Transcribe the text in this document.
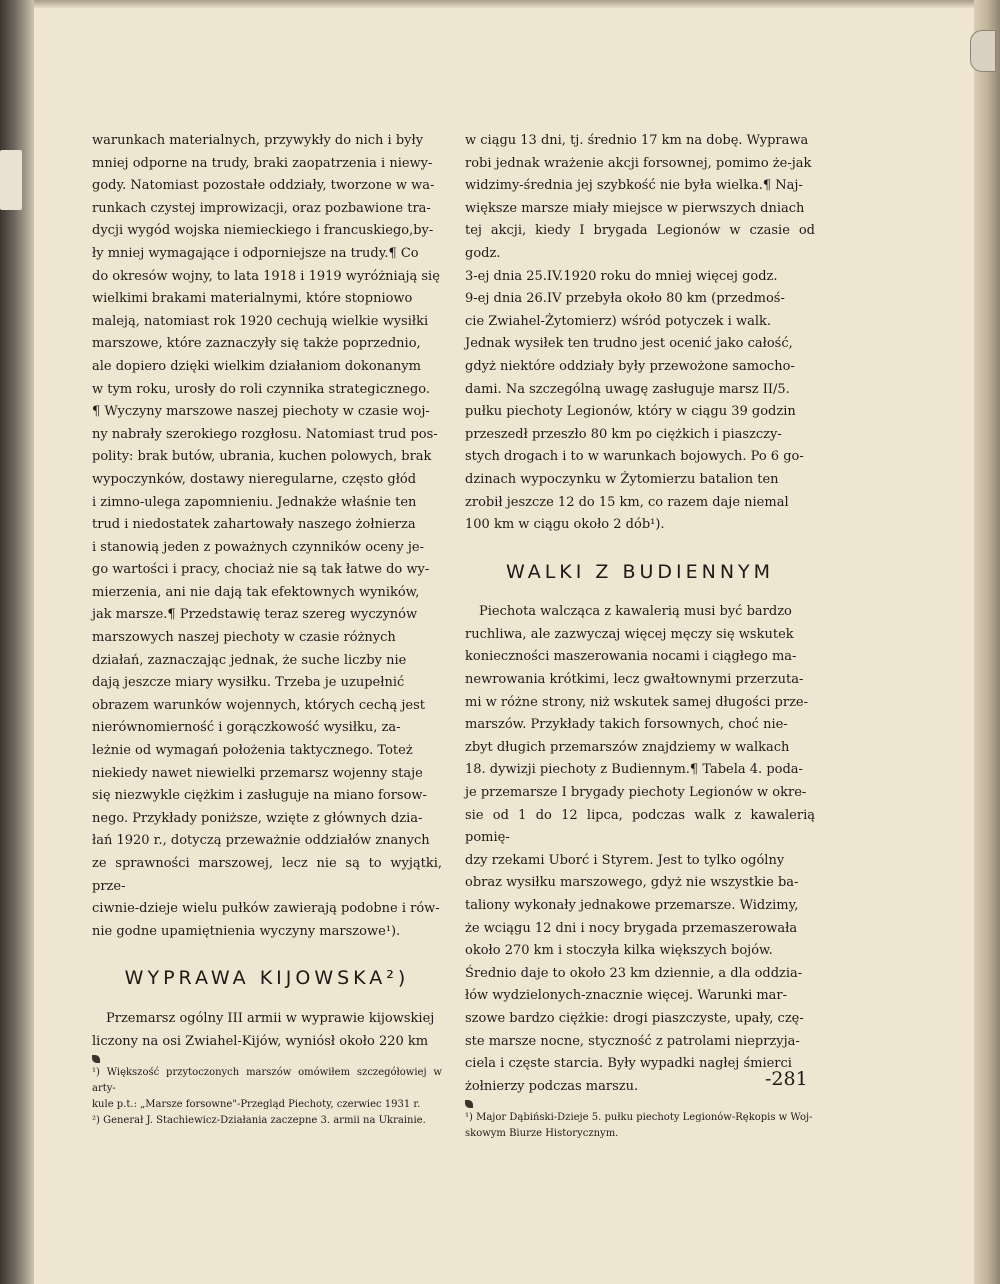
warunkach materialnych, przywykły do nich i były
mniej odporne na trudy, braki zaopatrzenia i niewy-
gody. Natomiast pozostałe oddziały, tworzone w wa-
runkach czystej improwizacji, oraz pozbawione tra-
dycji wygód wojska niemieckiego i francuskiego,by-
ły mniej wymagające i odporniejsze na trudy.¶ Co
do okresów wojny, to lata 1918 i 1919 wyróżniają się
wielkimi brakami materialnymi, które stopniowo
maleją, natomiast rok 1920 cechują wielkie wysiłki
marszowe, które zaznaczyły się także poprzednio,
ale dopiero dzięki wielkim działaniom dokonanym
w tym roku, urosły do roli czynnika strategicznego.
¶ Wyczyny marszowe naszej piechoty w czasie woj-
ny nabrały szerokiego rozgłosu. Natomiast trud pos-
polity: brak butów, ubrania, kuchen polowych, brak
wypoczynków, dostawy nieregularne, często głód
i zimno-ulega zapomnieniu. Jednakże właśnie ten
trud i niedostatek zahartowały naszego żołnierza
i stanowią jeden z poważnych czynników oceny je-
go wartości i pracy, chociaż nie są tak łatwe do wy-
mierzenia, ani nie dają tak efektownych wyników,
jak marsze.¶ Przedstawię teraz szereg wyczynów
marszowych naszej piechoty w czasie różnych
działań, zaznaczając jednak, że suche liczby nie
dają jeszcze miary wysiłku. Trzeba je uzupełnić
obrazem warunków wojennych, których cechą jest
nierównomierność i gorączkowość wysiłku, za-
leżnie od wymagań położenia taktycznego. Toteż
niekiedy nawet niewielki przemarsz wojenny staje
się niezwykle ciężkim i zasługuje na miano forsow-
nego. Przykłady poniższe, wzięte z głównych dzia-
łań 1920 r., dotyczą przeważnie oddziałów znanych
ze sprawności marszowej, lecz nie są to wyjątki, prze-
ciwnie-dzieje wielu pułków zawierają podobne i rów-
nie godne upamiętnienia wyczyny marszowe¹).

WYPRAWA KIJOWSKA²)

Przemarsz ogólny III armii w wyprawie kijowskiej
liczony na osi Zwiahel-Kijów, wyniósł około 220 km

¹) Większość przytoczonych marszów omówiłem szczegółowiej w arty-
kule p.t.: „Marsze forsowne"-Przegląd Piechoty, czerwiec 1931 r.

²) Generał J. Stachiewicz-Działania zaczepne 3. armii na Ukrainie.

w ciągu 13 dni, tj. średnio 17 km na dobę. Wyprawa
robi jednak wrażenie akcji forsownej, pomimo że-jak
widzimy-średnia jej szybkość nie była wielka.¶ Naj-
większe marsze miały miejsce w pierwszych dniach
tej akcji, kiedy I brygada Legionów w czasie od godz.
3-ej dnia 25.IV.1920 roku do mniej więcej godz.
9-ej dnia 26.IV przebyła około 80 km (przedmoś-
cie Zwiahel-Żytomierz) wśród potyczek i walk.
Jednak wysiłek ten trudno jest ocenić jako całość,
gdyż niektóre oddziały były przewożone samocho-
dami. Na szczególną uwagę zasługuje marsz II/5.
pułku piechoty Legionów, który w ciągu 39 godzin
przeszedł przeszło 80 km po ciężkich i piaszczy-
stych drogach i to w warunkach bojowych. Po 6 go-
dzinach wypoczynku w Żytomierzu batalion ten
zrobił jeszcze 12 do 15 km, co razem daje niemal
100 km w ciągu około 2 dób¹).

WALKI Z BUDIENNYM

Piechota walcząca z kawalerią musi być bardzo
ruchliwa, ale zazwyczaj więcej męczy się wskutek
konieczności maszerowania nocami i ciągłego ma-
newrowania krótkimi, lecz gwałtownymi przerzuta-
mi w różne strony, niż wskutek samej długości prze-
marszów. Przykłady takich forsownych, choć nie-
zbyt długich przemarszów znajdziemy w walkach
18. dywizji piechoty z Budiennym.¶ Tabela 4. poda-
je przemarsze I brygady piechoty Legionów w okre-
sie od 1 do 12 lipca, podczas walk z kawalerią pomię-
dzy rzekami Uborć i Styrem. Jest to tylko ogólny
obraz wysiłku marszowego, gdyż nie wszystkie ba-
taliony wykonały jednakowe przemarsze. Widzimy,
że wciągu 12 dni i nocy brygada przemaszerowała
około 270 km i stoczyła kilka większych bojów.
Średnio daje to około 23 km dziennie, a dla oddzia-
łów wydzielonych-znacznie więcej. Warunki mar-
szowe bardzo ciężkie: drogi piaszczyste, upały, czę-
ste marsze nocne, styczność z patrolami nieprzyja-
ciela i częste starcia. Były wypadki nagłej śmierci
żołnierzy podczas marszu.

¹) Major Dąbiński-Dzieje 5. pułku piechoty Legionów-Rękopis w Woj-
skowym Biurze Historycznym.

-281
